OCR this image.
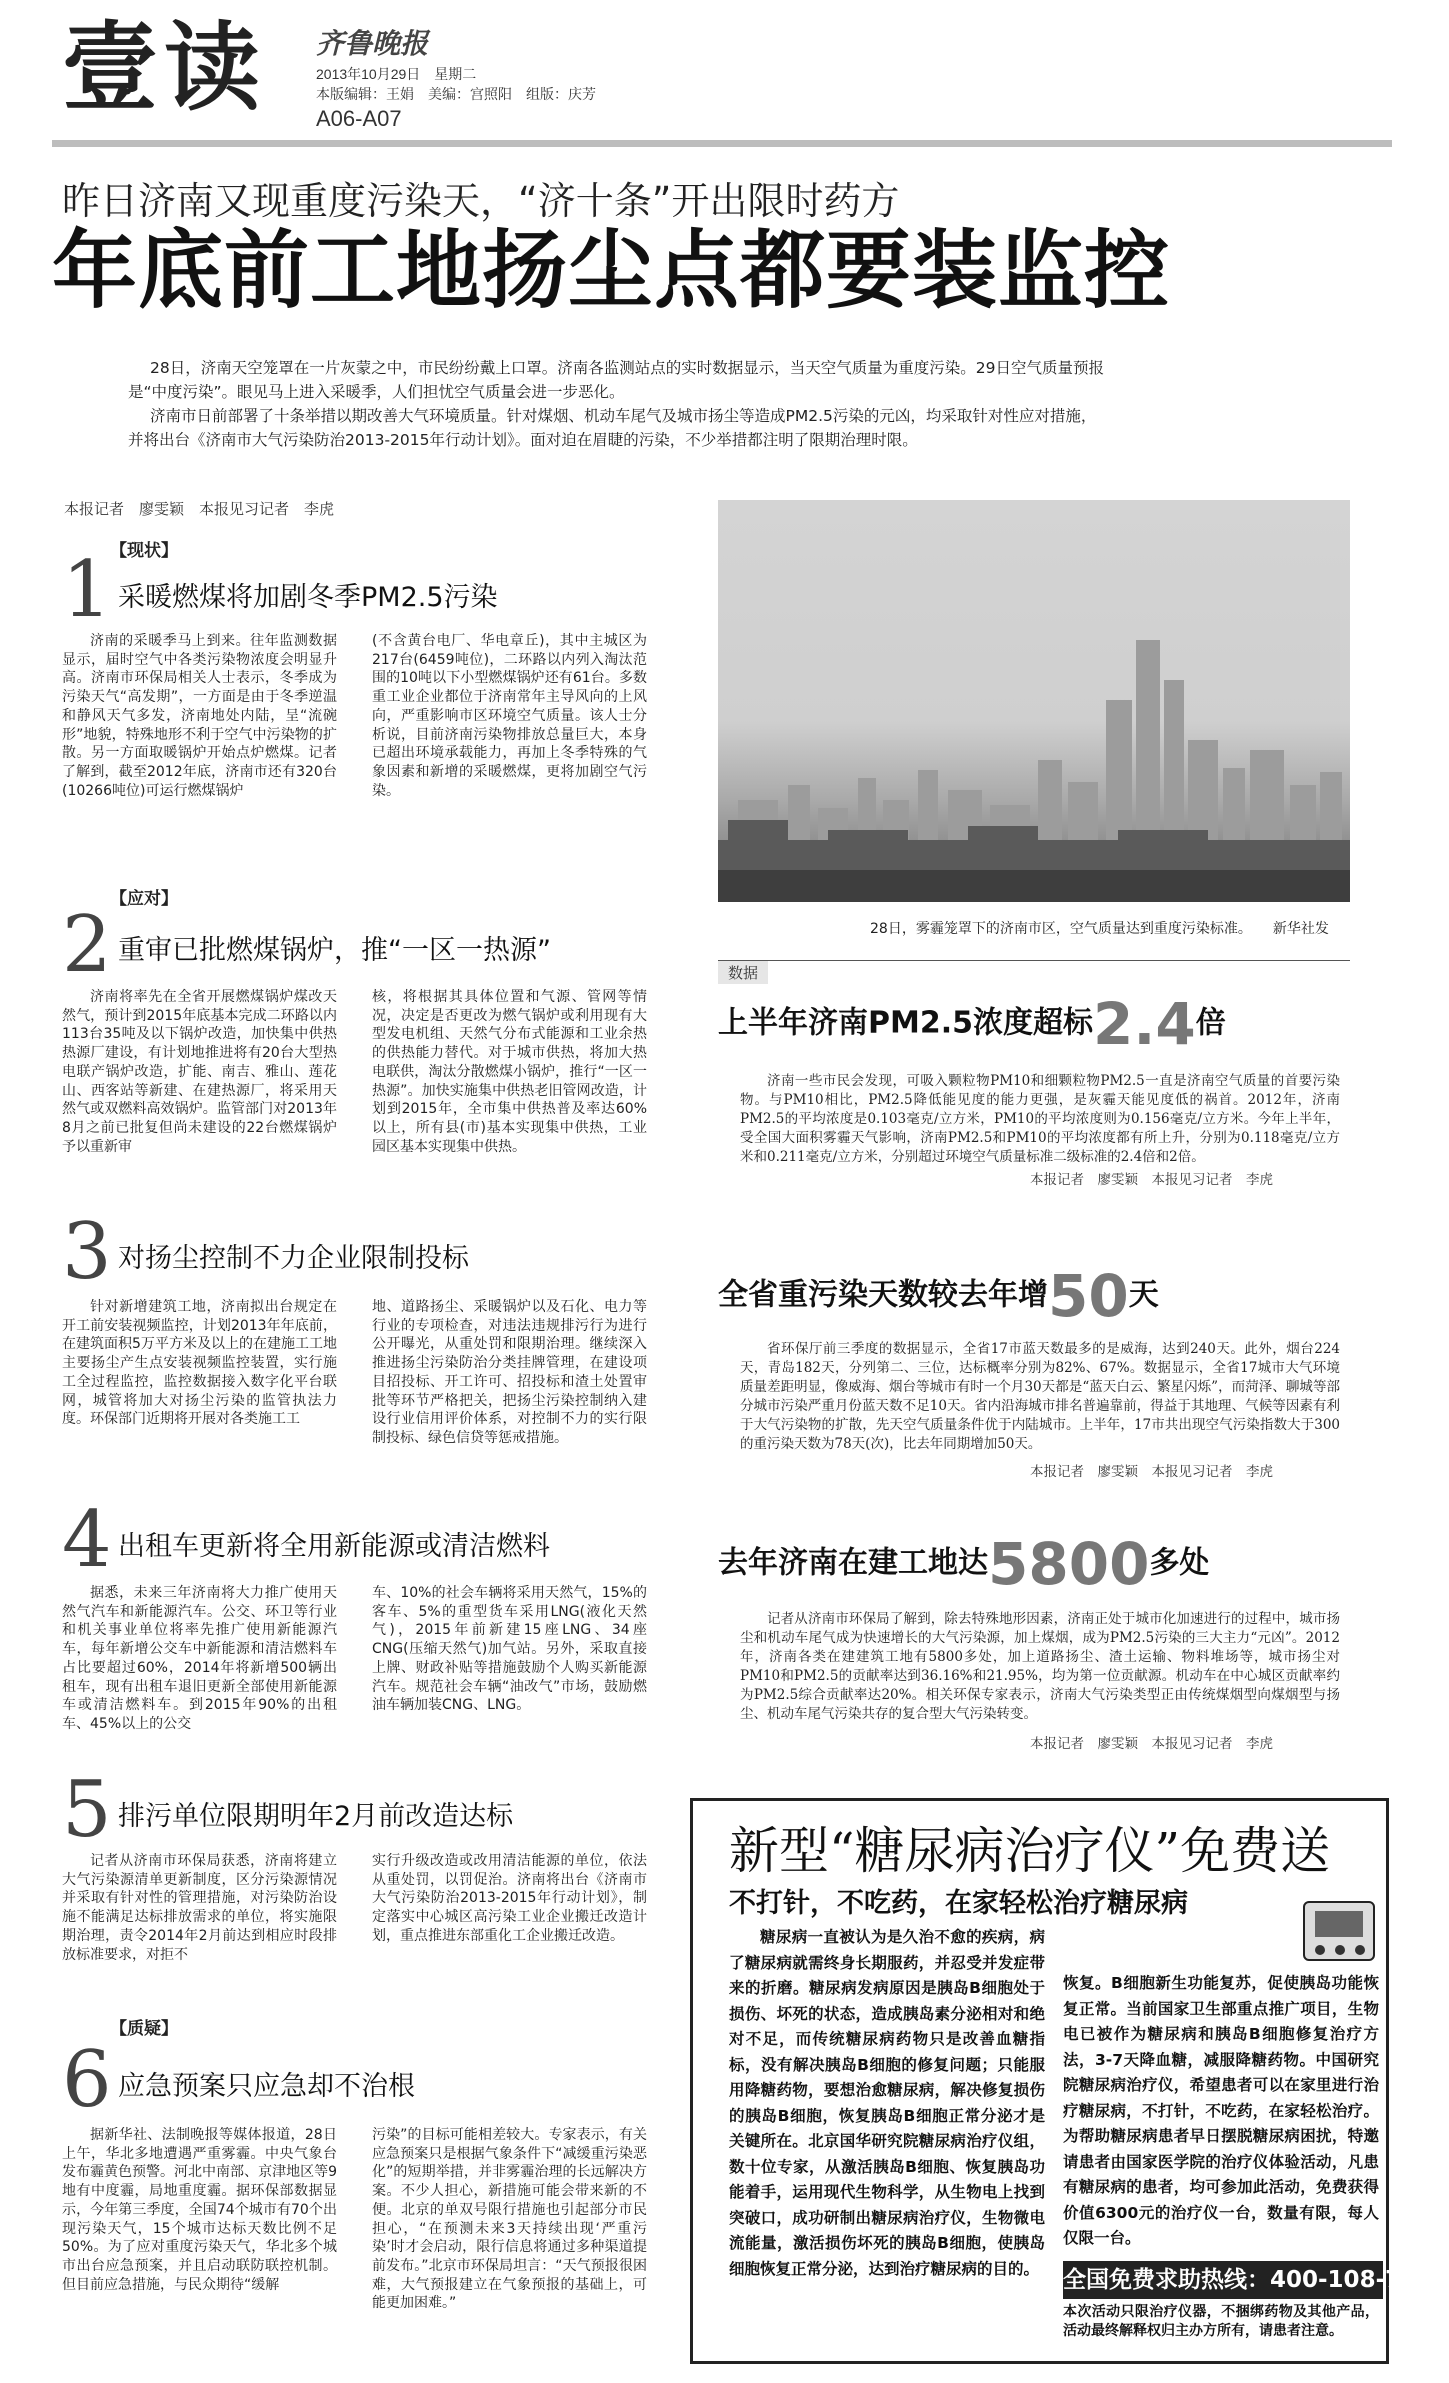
壹读 齐鲁晚报
2013年10月29日　星期二
本版编辑：王娟　美编：宫照阳　组版：庆芳
A06-A07
昨日济南又现重度污染天，“济十条”开出限时药方
年底前工地扬尘点都要装监控
28日，济南天空笼罩在一片灰蒙之中，市民纷纷戴上口罩。济南各监测站点的实时数据显示，当天空气质量为重度污染。29日空气质量预报
是“中度污染”。眼见马上进入采暖季，人们担忧空气质量会进一步恶化。
济南市日前部署了十条举措以期改善大气环境质量。针对煤烟、机动车尾气及城市扬尘等造成PM2.5污染的元凶，均采取针对性应对措施，
并将出台《济南市大气污染防治2013-2015年行动计划》。面对迫在眉睫的污染，不少举措都注明了限期治理时限。
本报记者　廖雯颖　本报见习记者　李虎
【现状】
1 采暖燃煤将加剧冬季PM2.5污染
济南的采暖季马上到来。往年监测数据显示，届时空气中各类污染物浓度会明显升高。济南市环保局相关人士表示，冬季成为污染天气“高发期”，一方面是由于冬季逆温和静风天气多发，济南地处内陆，呈“流碗形”地貌，特殊地形不利于空气中污染物的扩散。另一方面取暖锅炉开始点炉燃煤。记者了解到，截至2012年底，济南市还有320台(10266吨位)可运行燃煤锅炉
(不含黄台电厂、华电章丘)，其中主城区为217台(6459吨位)，二环路以内列入淘汰范围的10吨以下小型燃煤锅炉还有61台。多数重工业企业都位于济南常年主导风向的上风向，严重影响市区环境空气质量。该人士分析说，目前济南污染物排放总量巨大，本身已超出环境承载能力，再加上冬季特殊的气象因素和新增的采暖燃煤，更将加剧空气污染。
【应对】
2 重审已批燃煤锅炉，推“一区一热源”
济南将率先在全省开展燃煤锅炉煤改天然气，预计到2015年底基本完成二环路以内113台35吨及以下锅炉改造，加快集中供热热源厂建设，有计划地推进将有20台大型热电联产锅炉改造，扩能、南吉、雅山、莲花山、西客站等新建、在建热源厂，将采用天然气或双燃料高效锅炉。监管部门对2013年8月之前已批复但尚未建设的22台燃煤锅炉予以重新审
核，将根据其具体位置和气源、管网等情况，决定是否更改为燃气锅炉或利用现有大型发电机组、天然气分布式能源和工业余热的供热能力替代。对于城市供热，将加大热电联供，淘汰分散燃煤小锅炉，推行“一区一热源”。加快实施集中供热老旧管网改造，计划到2015年，全市集中供热普及率达60%以上，所有县(市)基本实现集中供热，工业园区基本实现集中供热。
3 对扬尘控制不力企业限制投标
针对新增建筑工地，济南拟出台规定在开工前安装视频监控，计划2013年年底前，在建筑面积5万平方米及以上的在建施工工地主要扬尘产生点安装视频监控装置，实行施工全过程监控，监控数据接入数字化平台联网，城管将加大对扬尘污染的监管执法力度。环保部门近期将开展对各类施工工
地、道路扬尘、采暖锅炉以及石化、电力等行业的专项检查，对违法违规排污行为进行公开曝光，从重处罚和限期治理。继续深入推进扬尘污染防治分类挂牌管理，在建设项目招投标、开工许可、招投标和渣土处置审批等环节严格把关，把扬尘污染控制纳入建设行业信用评价体系，对控制不力的实行限制投标、绿色信贷等惩戒措施。
4 出租车更新将全用新能源或清洁燃料
据悉，未来三年济南将大力推广使用天然气汽车和新能源汽车。公交、环卫等行业和机关事业单位将率先推广使用新能源汽车，每年新增公交车中新能源和清洁燃料车占比要超过60%，2014年将新增500辆出租车，现有出租车退旧更新全部使用新能源车或清洁燃料车。到2015年90%的出租车、45%以上的公交
车、10%的社会车辆将采用天然气，15%的客车、5%的重型货车采用LNG(液化天然气)，2015年前新建15座LNG、34座CNG(压缩天然气)加气站。另外，采取直接上牌、财政补贴等措施鼓励个人购买新能源汽车。规范社会车辆“油改气”市场，鼓励燃油车辆加装CNG、LNG。
5 排污单位限期明年2月前改造达标
记者从济南市环保局获悉，济南将建立大气污染源清单更新制度，区分污染源情况并采取有针对性的管理措施，对污染防治设施不能满足达标排放需求的单位，将实施限期治理，责令2014年2月前达到相应时段排放标准要求，对拒不
实行升级改造或改用清洁能源的单位，依法从重处罚，以罚促治。济南将出台《济南市大气污染防治2013-2015年行动计划》，制定落实中心城区高污染工业企业搬迁改造计划，重点推进东部重化工企业搬迁改造。
【质疑】
6 应急预案只应急却不治根
据新华社、法制晚报等媒体报道，28日上午，华北多地遭遇严重雾霾。中央气象台发布霾黄色预警。河北中南部、京津地区等9地有中度霾，局地重度霾。据环保部数据显示，今年第三季度，全国74个城市有70个出现污染天气，15个城市达标天数比例不足50%。为了应对重度污染天气，华北多个城市出台应急预案，并且启动联防联控机制。但目前应急措施，与民众期待“缓解
污染”的目标可能相差较大。专家表示，有关应急预案只是根据气象条件下“减缓重污染恶化”的短期举措，并非雾霾治理的长远解决方案。不少人担心，新措施可能会带来新的不便。北京的单双号限行措施也引起部分市民担心，“在预测未来3天持续出现‘严重污染’时才会启动，限行信息将通过多种渠道提前发布。”北京市环保局坦言：“天气预报很困难，大气预报建立在气象预报的基础上，可能更加困难。”
28日，雾霾笼罩下的济南市区，空气质量达到重度污染标准。　　新华社发
数据
上半年济南PM2.5浓度超标2.4倍
济南一些市民会发现，可吸入颗粒物PM10和细颗粒物PM2.5一直是济南空气质量的首要污染物。与PM10相比，PM2.5降低能见度的能力更强，是灰霾天能见度低的祸首。2012年，济南PM2.5的平均浓度是0.103毫克/立方米，PM10的平均浓度则为0.156毫克/立方米。今年上半年，受全国大面积雾霾天气影响，济南PM2.5和PM10的平均浓度都有所上升，分别为0.118毫克/立方米和0.211毫克/立方米，分别超过环境空气质量标准二级标准的2.4倍和2倍。
本报记者　廖雯颖　本报见习记者　李虎
全省重污染天数较去年增50天
省环保厅前三季度的数据显示，全省17市蓝天数最多的是威海，达到240天。此外，烟台224天，青岛182天，分列第二、三位，达标概率分别为82%、67%。数据显示，全省17城市大气环境质量差距明显，像威海、烟台等城市有时一个月30天都是“蓝天白云、繁星闪烁”，而菏泽、聊城等部分城市污染严重月份蓝天数不足10天。省内沿海城市排名普遍靠前，得益于其地理、气候等因素有利于大气污染物的扩散，先天空气质量条件优于内陆城市。上半年，17市共出现空气污染指数大于300的重污染天数为78天(次)，比去年同期增加50天。
本报记者　廖雯颖　本报见习记者　李虎
去年济南在建工地达5800多处
记者从济南市环保局了解到，除去特殊地形因素，济南正处于城市化加速进行的过程中，城市扬尘和机动车尾气成为快速增长的大气污染源，加上煤烟，成为PM2.5污染的三大主力“元凶”。2012年，济南各类在建建筑工地有5800多处，加上道路扬尘、渣土运输、物料堆场等，城市扬尘对PM10和PM2.5的贡献率达到36.16%和21.95%，均为第一位贡献源。机动车在中心城区贡献率约为PM2.5综合贡献率达20%。相关环保专家表示，济南大气污染类型正由传统煤烟型向煤烟型与扬尘、机动车尾气污染共存的复合型大气污染转变。
本报记者　廖雯颖　本报见习记者　李虎
新型“糖尿病治疗仪”免费送
不打针，不吃药，在家轻松治疗糖尿病
糖尿病一直被认为是久治不愈的疾病，病了糖尿病就需终身长期服药，并忍受并发症带来的折磨。糖尿病发病原因是胰岛B细胞处于损伤、坏死的状态，造成胰岛素分泌相对和绝对不足，而传统糖尿病药物只是改善血糖指标，没有解决胰岛B细胞的修复问题；只能服用降糖药物，要想治愈糖尿病，解决修复损伤的胰岛B细胞，恢复胰岛B细胞正常分泌才是关键所在。北京国华研究院糖尿病治疗仪组，数十位专家，从激活胰岛B细胞、恢复胰岛功能着手，运用现代生物科学，从生物电上找到突破口，成功研制出糖尿病治疗仪，生物微电流能量，激活损伤坏死的胰岛B细胞，使胰岛细胞恢复正常分泌，达到治疗糖尿病的目的。
恢复。B细胞新生功能复苏，促使胰岛功能恢复正常。当前国家卫生部重点推广项目，生物电已被作为糖尿病和胰岛B细胞修复治疗方法，3-7天降血糖，减服降糖药物。中国研究院糖尿病治疗仪，希望患者可以在家里进行治疗糖尿病，不打针，不吃药，在家轻松治疗。为帮助糖尿病患者早日摆脱糖尿病困扰，特邀请患者由国家医学院的治疗仪体验活动，凡患有糖尿病的患者，均可参加此活动，免费获得价值6300元的治疗仪一台，数量有限，每人仅限一台。
全国免费求助热线：400-108-7799
本次活动只限治疗仪器，不捆绑药物及其他产品，活动最终解释权归主办方所有，请患者注意。
